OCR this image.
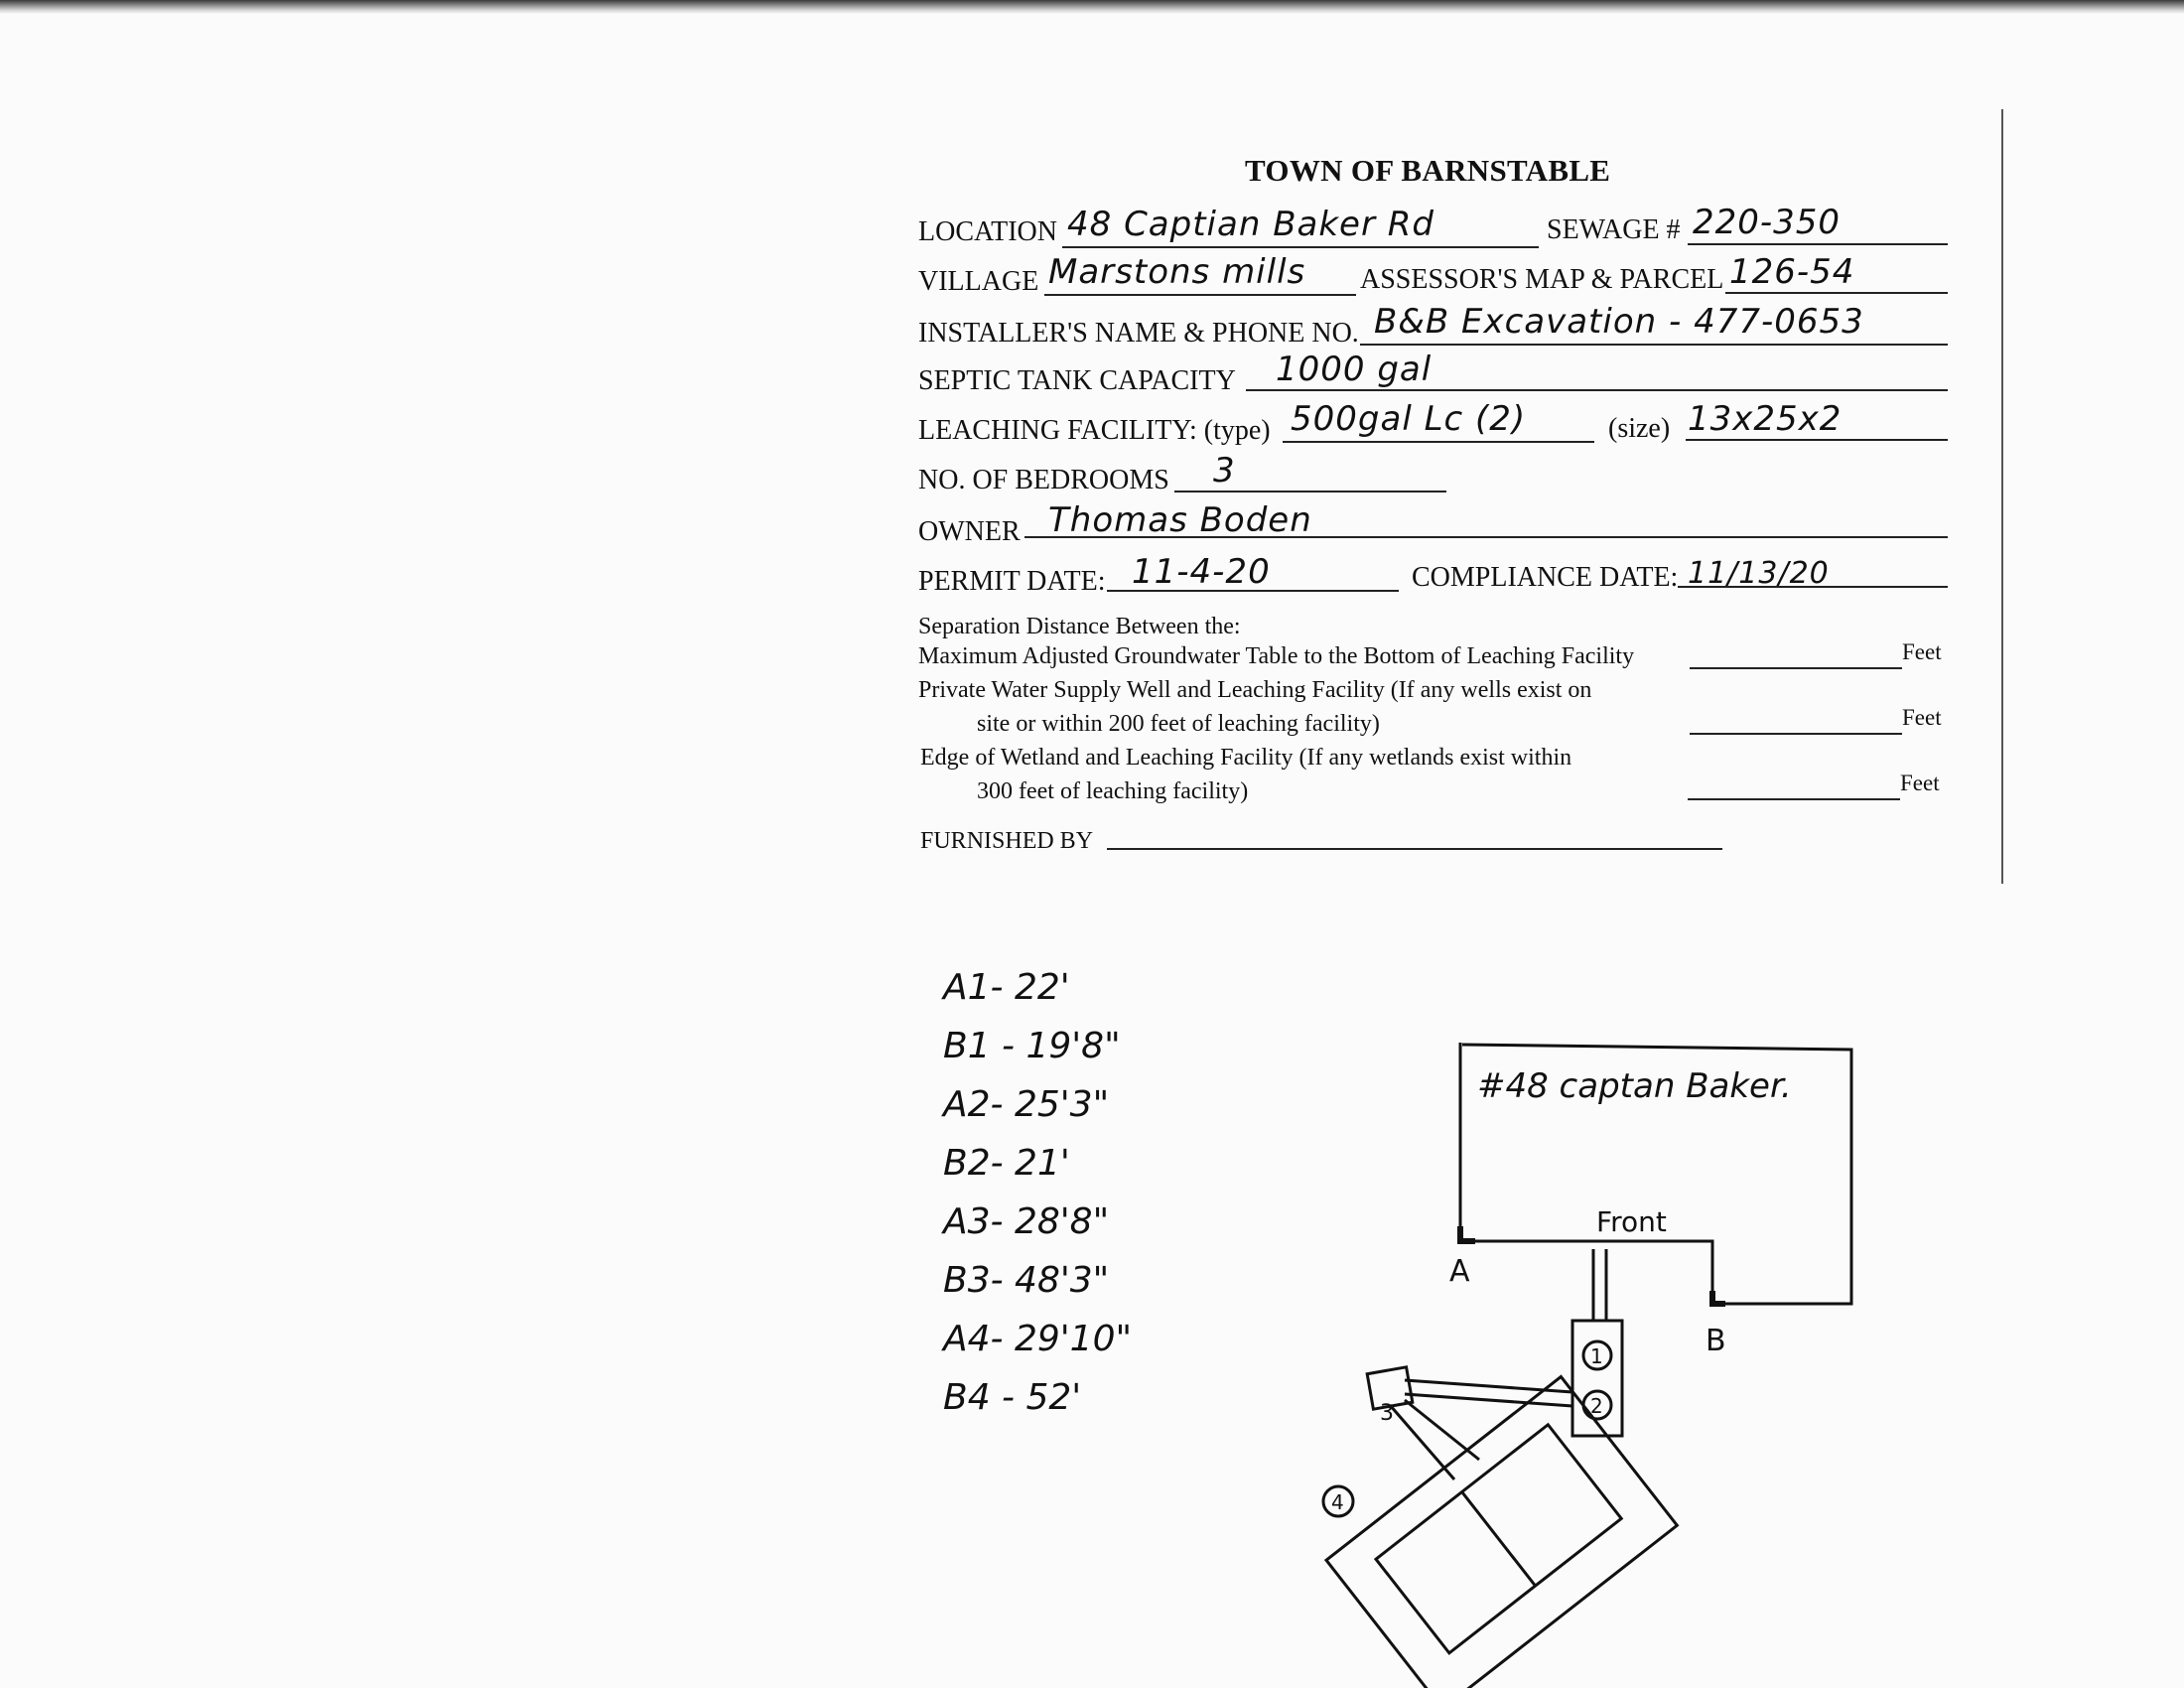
TOWN OF BARNSTABLE
LOCATION 48 Captian Baker Rd	SEWAGE # 220-350
VILLAGE Marstons mills ASSESSOR'S MAP & PARCEL 126-54
INSTALLER'S NAME & PHONE NO. B&B Excavation - 477-0653
SEPTIC TANK CAPACITY 1000 gal
LEACHING FACILITY: (type) 500gal Lc (2)	(size) 13x25x2
NO. OF BEDROOMS 3
OWNER Thomas Boden
PERMIT DATE: 11-4-20	COMPLIANCE DATE: 11/13/20
Separation Distance Between the:
Maximum Adjusted Groundwater Table to the Bottom of Leaching Facility	Feet
Private Water Supply Well and Leaching Facility (If any wells exist on
site or within 200 feet of leaching facility)	Feet
Edge of Wetland and Leaching Facility (If any wetlands exist within
300 feet of leaching facility)	Feet
FURNISHED BY
A1- 22'
B1 - 19'8"
A2- 25'3"
B2- 21'
A3- 28'8"
B3- 48'3"
A4- 29'10"
B4 - 52'
#48 captan Baker.
Front
A
B
1
2
3
4
